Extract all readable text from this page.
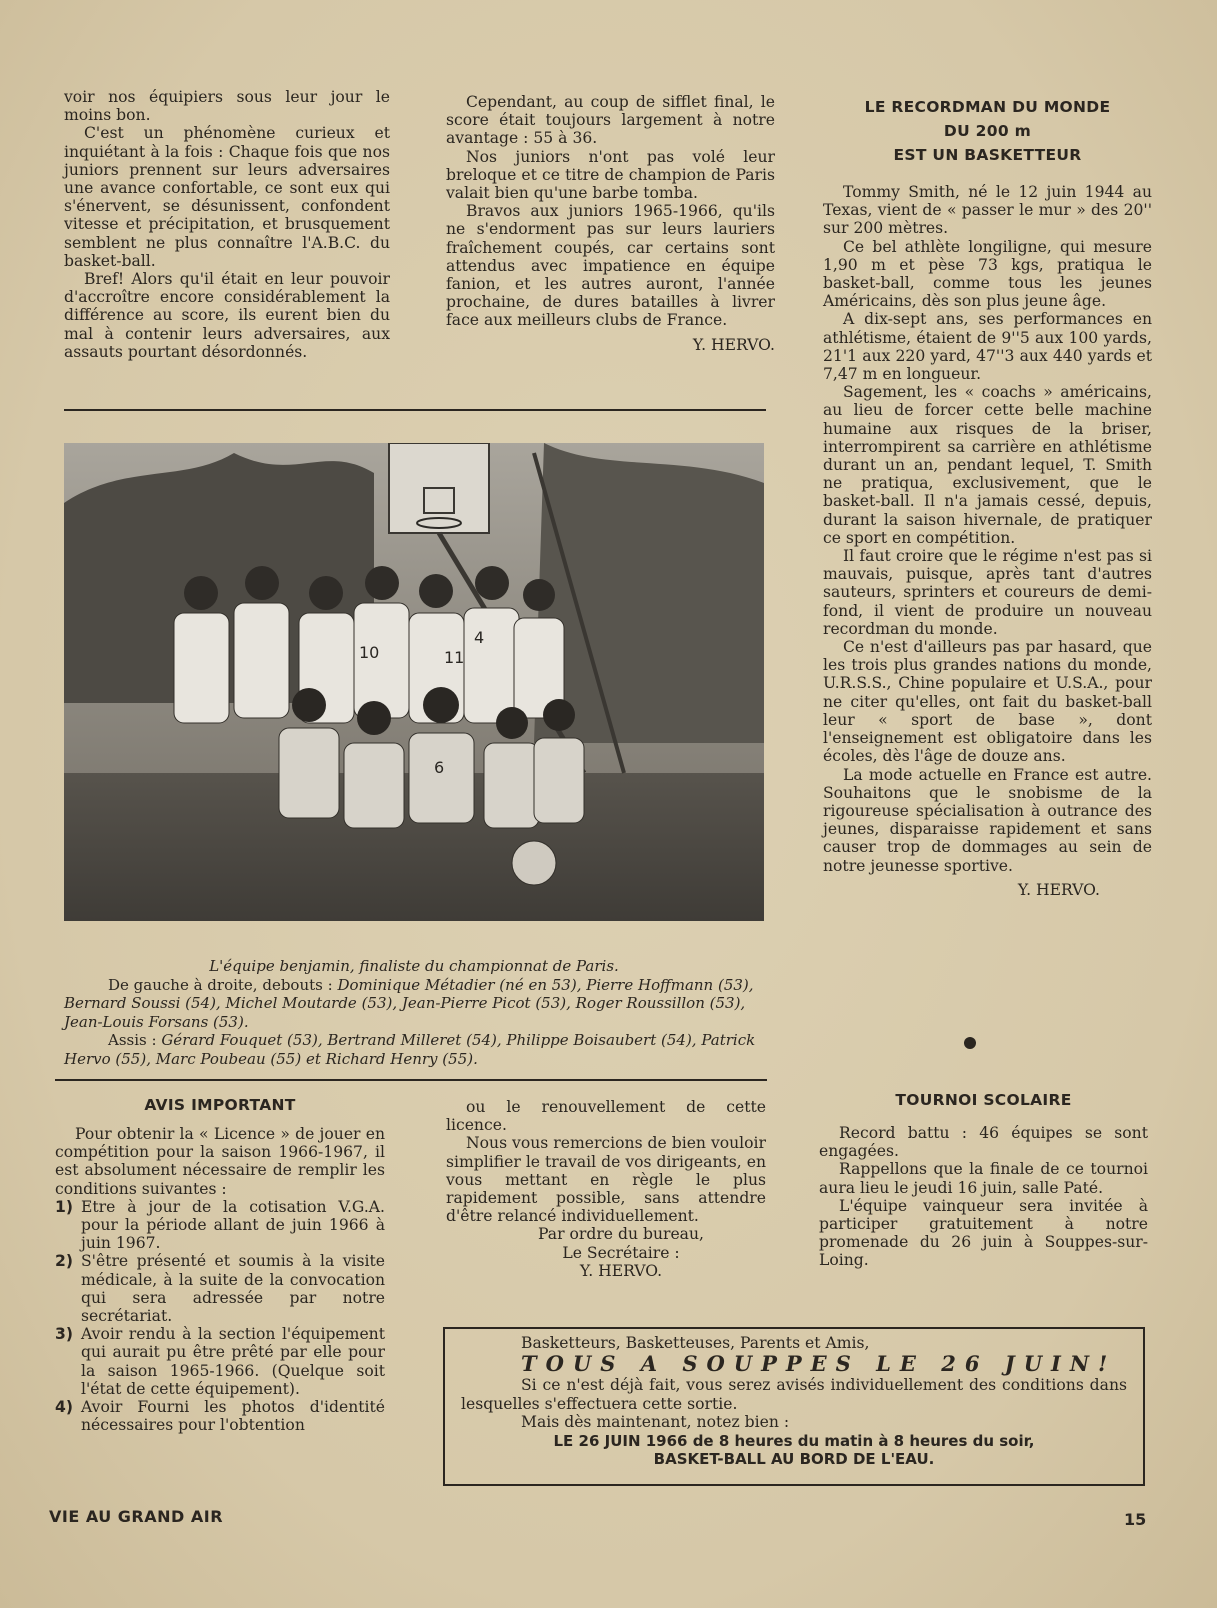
voir nos équipiers sous leur jour le moins bon.

C'est un phénomène curieux et inquiétant à la fois : Chaque fois que nos juniors prennent sur leurs adversaires une avance confortable, ce sont eux qui s'énervent, se désunissent, confondent vitesse et précipitation, et brusquement semblent ne plus connaître l'A.B.C. du basket-ball.

Bref! Alors qu'il était en leur pouvoir d'accroître encore considérablement la différence au score, ils eurent bien du mal à contenir leurs adversaires, aux assauts pourtant désordonnés.

Cependant, au coup de sifflet final, le score était toujours largement à notre avantage : 55 à 36.

Nos juniors n'ont pas volé leur breloque et ce titre de champion de Paris valait bien qu'une barbe tomba.

Bravos aux juniors 1965-1966, qu'ils ne s'endorment pas sur leurs lauriers fraîchement coupés, car certains sont attendus avec impatience en équipe fanion, et les autres auront, l'année prochaine, de dures batailles à livrer face aux meilleurs clubs de France.

Y. HERVO.

10	11
4
6

L'équipe benjamin, finaliste du championnat de Paris.

De gauche à droite, debouts : Dominique Métadier (né en 53), Pierre Hoffmann (53), Bernard Soussi (54), Michel Moutarde (53), Jean-Pierre Picot (53), Roger Roussillon (53), Jean-Louis Forsans (53).

Assis : Gérard Fouquet (53), Bertrand Milleret (54), Philippe Boisaubert (54), Patrick Hervo (55), Marc Poubeau (55) et Richard Henry (55).

LE RECORDMAN DU MONDE
DU 200 m
EST UN BASKETTEUR

Tommy Smith, né le 12 juin 1944 au Texas, vient de « passer le mur » des 20'' sur 200 mètres.

Ce bel athlète longiligne, qui mesure 1,90 m et pèse 73 kgs, pratiqua le basket-ball, comme tous les jeunes Américains, dès son plus jeune âge.

A dix-sept ans, ses performances en athlétisme, étaient de 9''5 aux 100 yards, 21'1 aux 220 yard, 47''3 aux 440 yards et 7,47 m en longueur.

Sagement, les « coachs » américains, au lieu de forcer cette belle machine humaine aux risques de la briser, interrompirent sa carrière en athlétisme durant un an, pendant lequel, T. Smith ne pratiqua, exclusivement, que le basket-ball. Il n'a jamais cessé, depuis, durant la saison hivernale, de pratiquer ce sport en compétition.

Il faut croire que le régime n'est pas si mauvais, puisque, après tant d'autres sauteurs, sprinters et coureurs de demi-fond, il vient de produire un nouveau recordman du monde.

Ce n'est d'ailleurs pas par hasard, que les trois plus grandes nations du monde, U.R.S.S., Chine populaire et U.S.A., pour ne citer qu'elles, ont fait du basket-ball leur « sport de base », dont l'enseignement est obligatoire dans les écoles, dès l'âge de douze ans.

La mode actuelle en France est autre. Souhaitons que le snobisme de la rigoureuse spécialisation à outrance des jeunes, disparaisse rapidement et sans causer trop de dommages au sein de notre jeunesse sportive.

Y. HERVO.

AVIS IMPORTANT

Pour obtenir la « Licence » de jouer en compétition pour la saison 1966-1967, il est absolument nécessaire de remplir les conditions suivantes :

1) Etre à jour de la cotisation V.G.A. pour la période allant de juin 1966 à juin 1967.
2) S'être présenté et soumis à la visite médicale, à la suite de la convocation qui sera adressée par notre secrétariat.
3) Avoir rendu à la section l'équipement qui aurait pu être prêté par elle pour la saison 1965-1966. (Quelque soit l'état de cette équipement).
4) Avoir Fourni les photos d'identité nécessaires pour l'obtention

ou le renouvellement de cette licence.

Nous vous remercions de bien vouloir simplifier le travail de vos dirigeants, en vous mettant en règle le plus rapidement possible, sans attendre d'être relancé individuellement.

Par ordre du bureau,

Le Secrétaire :

Y. HERVO.

TOURNOI SCOLAIRE

Record battu : 46 équipes se sont engagées.

Rappellons que la finale de ce tournoi aura lieu le jeudi 16 juin, salle Paté.

L'équipe vainqueur sera invitée à participer gratuitement à notre promenade du 26 juin à Souppes-sur-Loing.

Basketteurs, Basketteuses, Parents et Amis,

TOUS A SOUPPES LE 26 JUIN!

Si ce n'est déjà fait, vous serez avisés individuellement des conditions dans lesquelles s'effectuera cette sortie.

Mais dès maintenant, notez bien :

LE 26 JUIN 1966 de 8 heures du matin à 8 heures du soir,

BASKET-BALL AU BORD DE L'EAU.

VIE AU GRAND AIR	15
